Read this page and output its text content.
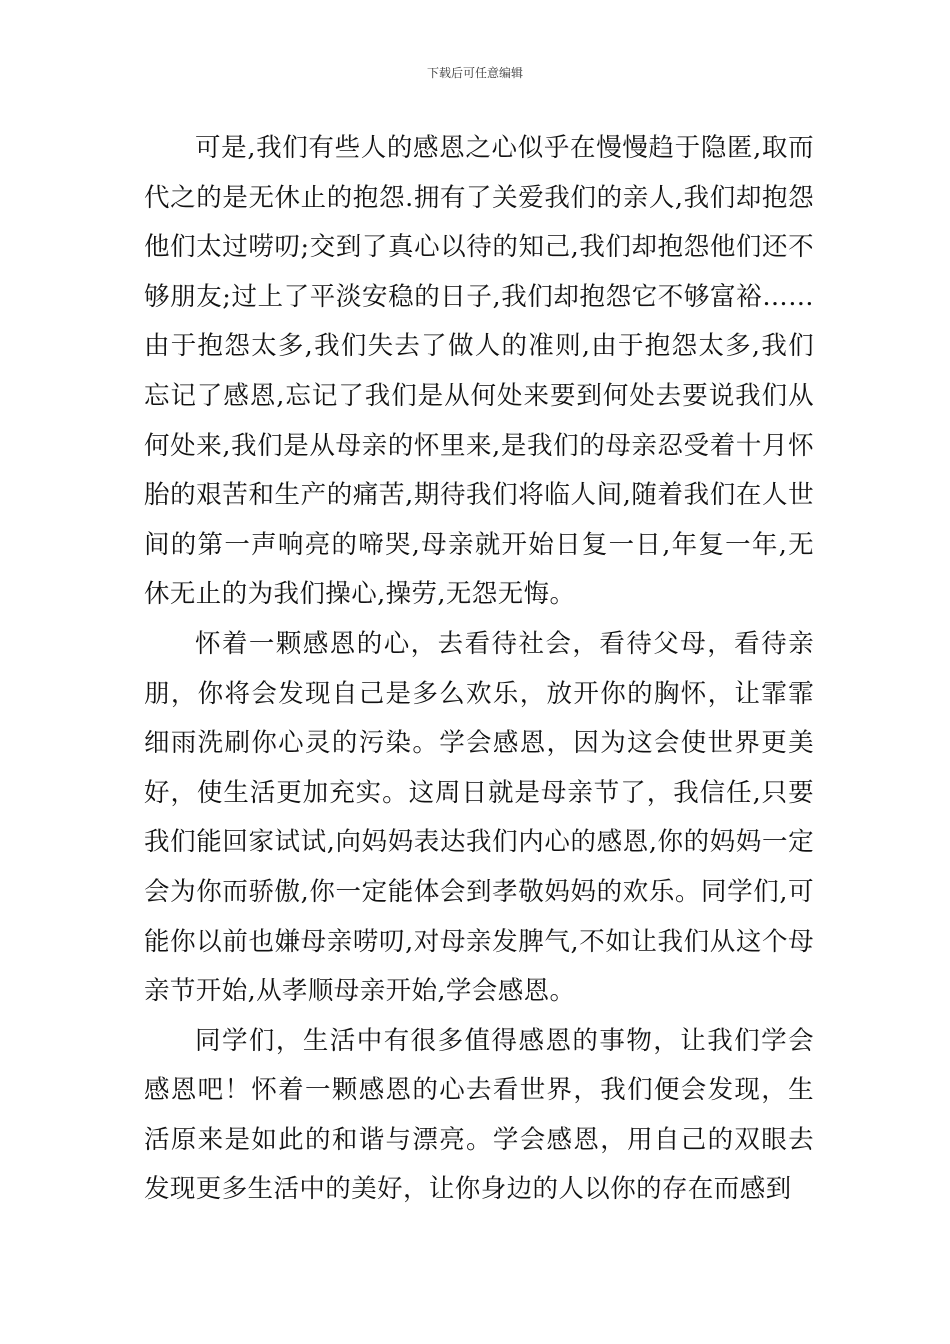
下载后可任意编辑

可是,我们有些人的感恩之心似乎在慢慢趋于隐匿,取而代之的是无休止的抱怨.拥有了关爱我们的亲人,我们却抱怨他们太过唠叨;交到了真心以待的知己,我们却抱怨他们还不够朋友;过上了平淡安稳的日子,我们却抱怨它不够富裕……由于抱怨太多,我们失去了做人的准则,由于抱怨太多,我们忘记了感恩,忘记了我们是从何处来要到何处去要说我们从何处来,我们是从母亲的怀里来,是我们的母亲忍受着十月怀胎的艰苦和生产的痛苦,期待我们将临人间,随着我们在人世间的第一声响亮的啼哭,母亲就开始日复一日,年复一年,无休无止的为我们操心,操劳,无怨无悔。

怀着一颗感恩的心，去看待社会，看待父母，看待亲朋，你将会发现自己是多么欢乐，放开你的胸怀，让霏霏细雨洗刷你心灵的污染。学会感恩，因为这会使世界更美好，使生活更加充实。这周日就是母亲节了，我信任,只要我们能回家试试,向妈妈表达我们内心的感恩,你的妈妈一定会为你而骄傲,你一定能体会到孝敬妈妈的欢乐。同学们,可能你以前也嫌母亲唠叨,对母亲发脾气,不如让我们从这个母亲节开始,从孝顺母亲开始,学会感恩。

同学们，生活中有很多值得感恩的事物，让我们学会感恩吧！怀着一颗感恩的心去看世界，我们便会发现，生活原来是如此的和谐与漂亮。学会感恩，用自己的双眼去发现更多生活中的美好，让你身边的人以你的存在而感到
